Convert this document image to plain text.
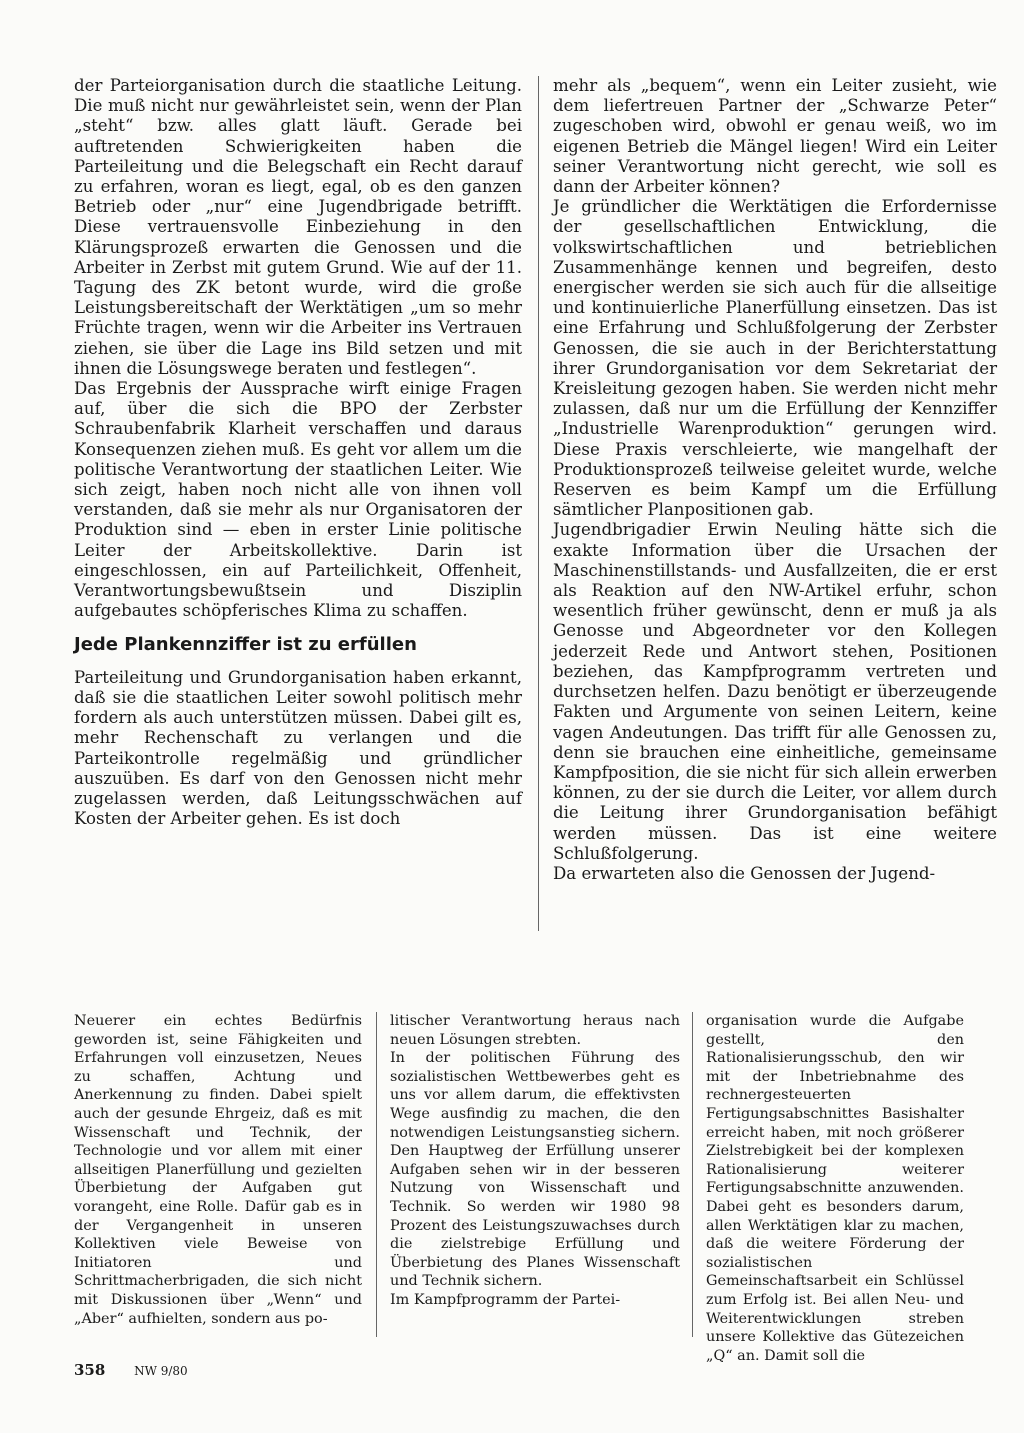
der Parteiorganisation durch die staatliche Leitung. Die muß nicht nur gewährleistet sein, wenn der Plan „steht“ bzw. alles glatt läuft. Gerade bei auftretenden Schwierigkeiten haben die Parteileitung und die Belegschaft ein Recht darauf zu erfahren, woran es liegt, egal, ob es den ganzen Betrieb oder „nur“ eine Jugendbrigade betrifft. Diese vertrauensvolle Einbeziehung in den Klärungsprozeß erwarten die Genossen und die Arbeiter in Zerbst mit gutem Grund. Wie auf der 11. Tagung des ZK betont wurde, wird die große Leistungsbereitschaft der Werktätigen „um so mehr Früchte tragen, wenn wir die Arbeiter ins Vertrauen ziehen, sie über die Lage ins Bild setzen und mit ihnen die Lösungswege beraten und festlegen“.

Das Ergebnis der Aussprache wirft einige Fragen auf, über die sich die BPO der Zerbster Schraubenfabrik Klarheit verschaffen und daraus Konsequenzen ziehen muß. Es geht vor allem um die politische Verantwortung der staatlichen Leiter. Wie sich zeigt, haben noch nicht alle von ihnen voll verstanden, daß sie mehr als nur Organisatoren der Produktion sind — eben in erster Linie politische Leiter der Arbeitskollektive. Darin ist eingeschlossen, ein auf Parteilichkeit, Offenheit, Verantwortungsbewußtsein und Disziplin aufgebautes schöpferisches Klima zu schaffen.

Jede Plankennziffer ist zu erfüllen

Parteileitung und Grundorganisation haben erkannt, daß sie die staatlichen Leiter sowohl politisch mehr fordern als auch unterstützen müssen. Dabei gilt es, mehr Rechenschaft zu verlangen und die Parteikontrolle regelmäßig und gründlicher auszuüben. Es darf von den Genossen nicht mehr zugelassen werden, daß Leitungsschwächen auf Kosten der Arbeiter gehen. Es ist doch

mehr als „bequem“, wenn ein Leiter zusieht, wie dem liefertreuen Partner der „Schwarze Peter“ zugeschoben wird, obwohl er genau weiß, wo im eigenen Betrieb die Mängel liegen! Wird ein Leiter seiner Verantwortung nicht gerecht, wie soll es dann der Arbeiter können?

Je gründlicher die Werktätigen die Erfordernisse der gesellschaftlichen Entwicklung, die volkswirtschaftlichen und betrieblichen Zusammenhänge kennen und begreifen, desto energischer werden sie sich auch für die allseitige und kontinuierliche Planerfüllung einsetzen. Das ist eine Erfahrung und Schlußfolgerung der Zerbster Genossen, die sie auch in der Berichterstattung ihrer Grundorganisation vor dem Sekretariat der Kreisleitung gezogen haben. Sie werden nicht mehr zulassen, daß nur um die Erfüllung der Kennziffer „Industrielle Warenproduktion“ gerungen wird. Diese Praxis verschleierte, wie mangelhaft der Produktionsprozeß teilweise geleitet wurde, welche Reserven es beim Kampf um die Erfüllung sämtlicher Planpositionen gab.

Jugendbrigadier Erwin Neuling hätte sich die exakte Information über die Ursachen der Maschinenstillstands- und Ausfallzeiten, die er erst als Reaktion auf den NW-Artikel erfuhr, schon wesentlich früher gewünscht, denn er muß ja als Genosse und Abgeordneter vor den Kollegen jederzeit Rede und Antwort stehen, Positionen beziehen, das Kampfprogramm vertreten und durchsetzen helfen. Dazu benötigt er überzeugende Fakten und Argumente von seinen Leitern, keine vagen Andeutungen. Das trifft für alle Genossen zu, denn sie brauchen eine einheitliche, gemeinsame Kampfposition, die sie nicht für sich allein erwerben können, zu der sie durch die Leiter, vor allem durch die Leitung ihrer Grundorganisation befähigt werden müssen. Das ist eine weitere Schlußfolgerung.

Da erwarteten also die Genossen der Jugend-

Neuerer ein echtes Bedürfnis geworden ist, seine Fähigkeiten und Erfahrungen voll einzusetzen, Neues zu schaffen, Achtung und Anerkennung zu finden. Dabei spielt auch der gesunde Ehrgeiz, daß es mit Wissenschaft und Technik, der Technologie und vor allem mit einer allseitigen Planerfüllung und gezielten Überbietung der Aufgaben gut vorangeht, eine Rolle. Dafür gab es in der Vergangenheit in unseren Kollektiven viele Beweise von Initiatoren und Schrittmacherbrigaden, die sich nicht mit Diskussionen über „Wenn“ und „Aber“ aufhielten, sondern aus po-

litischer Verantwortung heraus nach neuen Lösungen strebten.

In der politischen Führung des sozialistischen Wettbewerbes geht es uns vor allem darum, die effektivsten Wege ausfindig zu machen, die den notwendigen Leistungsanstieg sichern. Den Hauptweg der Erfüllung unserer Aufgaben sehen wir in der besseren Nutzung von Wissenschaft und Technik. So werden wir 1980 98 Prozent des Leistungszuwachses durch die zielstrebige Erfüllung und Überbietung des Planes Wissenschaft und Technik sichern.

Im Kampfprogramm der Partei-

organisation wurde die Aufgabe gestellt, den Rationalisierungsschub, den wir mit der Inbetriebnahme des rechnergesteuerten Fertigungsabschnittes Basishalter erreicht haben, mit noch größerer Zielstrebigkeit bei der komplexen Rationalisierung weiterer Fertigungsabschnitte anzuwenden. Dabei geht es besonders darum, allen Werktätigen klar zu machen, daß die weitere Förderung der sozialistischen Gemeinschaftsarbeit ein Schlüssel zum Erfolg ist. Bei allen Neu- und Weiterentwicklungen streben unsere Kollektive das Gütezeichen „Q“ an. Damit soll die

358 NW 9/80
